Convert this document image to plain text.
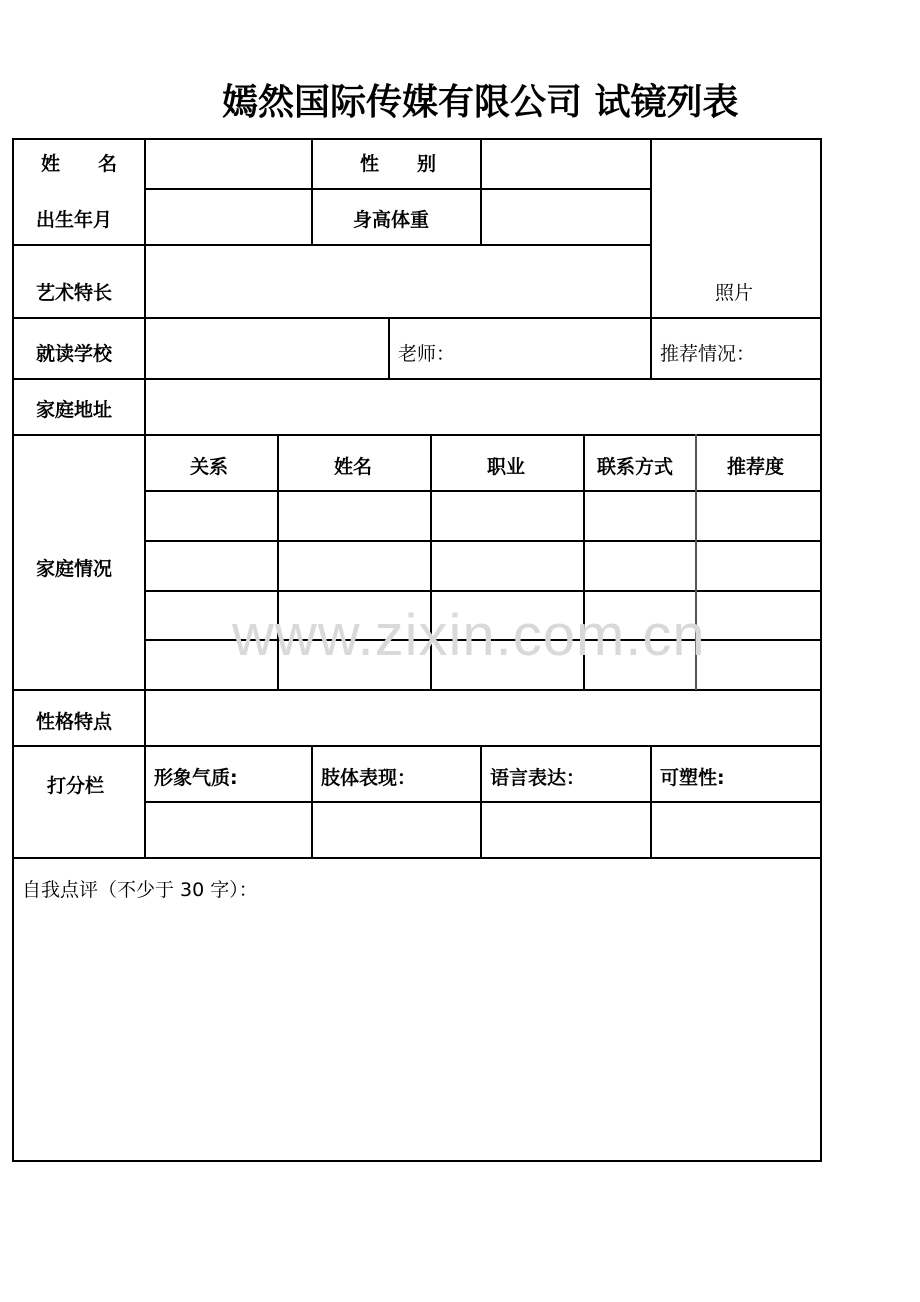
嫣然国际传媒有限公司 试镜列表
姓　　名	性　　别
出生年月	身高体重
艺术特长	照片
就读学校	老师：	推荐情况：
家庭地址
关系	姓名	职业	联系方式	推荐度
家庭情况
www.zixin.com.cn
性格特点
打分栏	形象气质:	肢体表现：	语言表达：	可塑性:
自我点评（不少于 30 字）：
